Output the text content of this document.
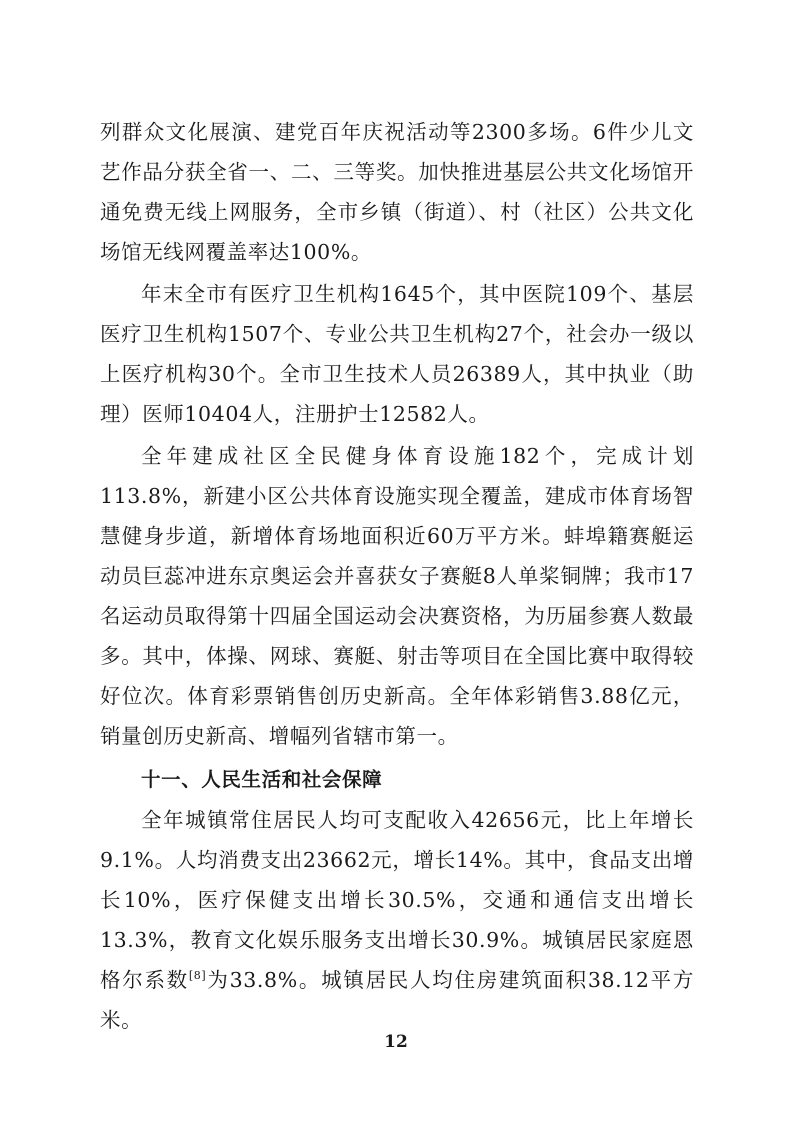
列群众文化展演、建党百年庆祝活动等2300多场。6件少儿文艺作品分获全省一、二、三等奖。加快推进基层公共文化场馆开通免费无线上网服务，全市乡镇（街道）、村（社区）公共文化场馆无线网覆盖率达100%。

年末全市有医疗卫生机构1645个，其中医院109个、基层医疗卫生机构1507个、专业公共卫生机构27个，社会办一级以上医疗机构30个。全市卫生技术人员26389人，其中执业（助理）医师10404人，注册护士12582人。

全年建成社区全民健身体育设施182个，完成计划113.8%，新建小区公共体育设施实现全覆盖，建成市体育场智慧健身步道，新增体育场地面积近60万平方米。蚌埠籍赛艇运动员巨蕊冲进东京奥运会并喜获女子赛艇8人单桨铜牌；我市17名运动员取得第十四届全国运动会决赛资格，为历届参赛人数最多。其中，体操、网球、赛艇、射击等项目在全国比赛中取得较好位次。体育彩票销售创历史新高。全年体彩销售3.88亿元，销量创历史新高、增幅列省辖市第一。

十一、人民生活和社会保障

全年城镇常住居民人均可支配收入42656元，比上年增长9.1%。人均消费支出23662元，增长14%。其中，食品支出增长10%，医疗保健支出增长30.5%，交通和通信支出增长13.3%，教育文化娱乐服务支出增长30.9%。城镇居民家庭恩格尔系数[8]为33.8%。城镇居民人均住房建筑面积38.12平方米。

12
